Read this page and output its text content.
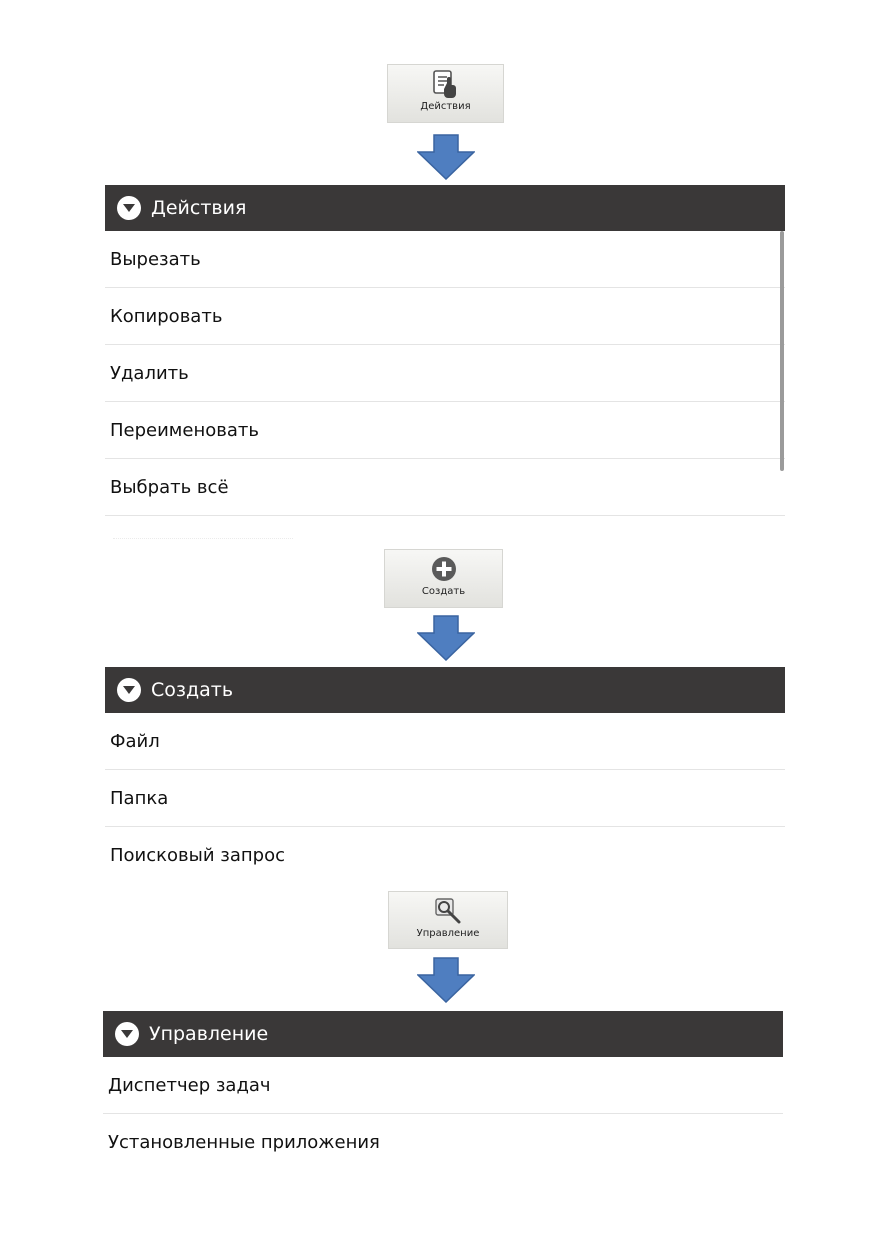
Действия
Действия
Вырезать
Копировать
Удалить
Переименовать
Выбрать всё
Создать
Создать
Файл
Папка
Поисковый запрос
Управление
Управление
Диспетчер задач
Установленные приложения
